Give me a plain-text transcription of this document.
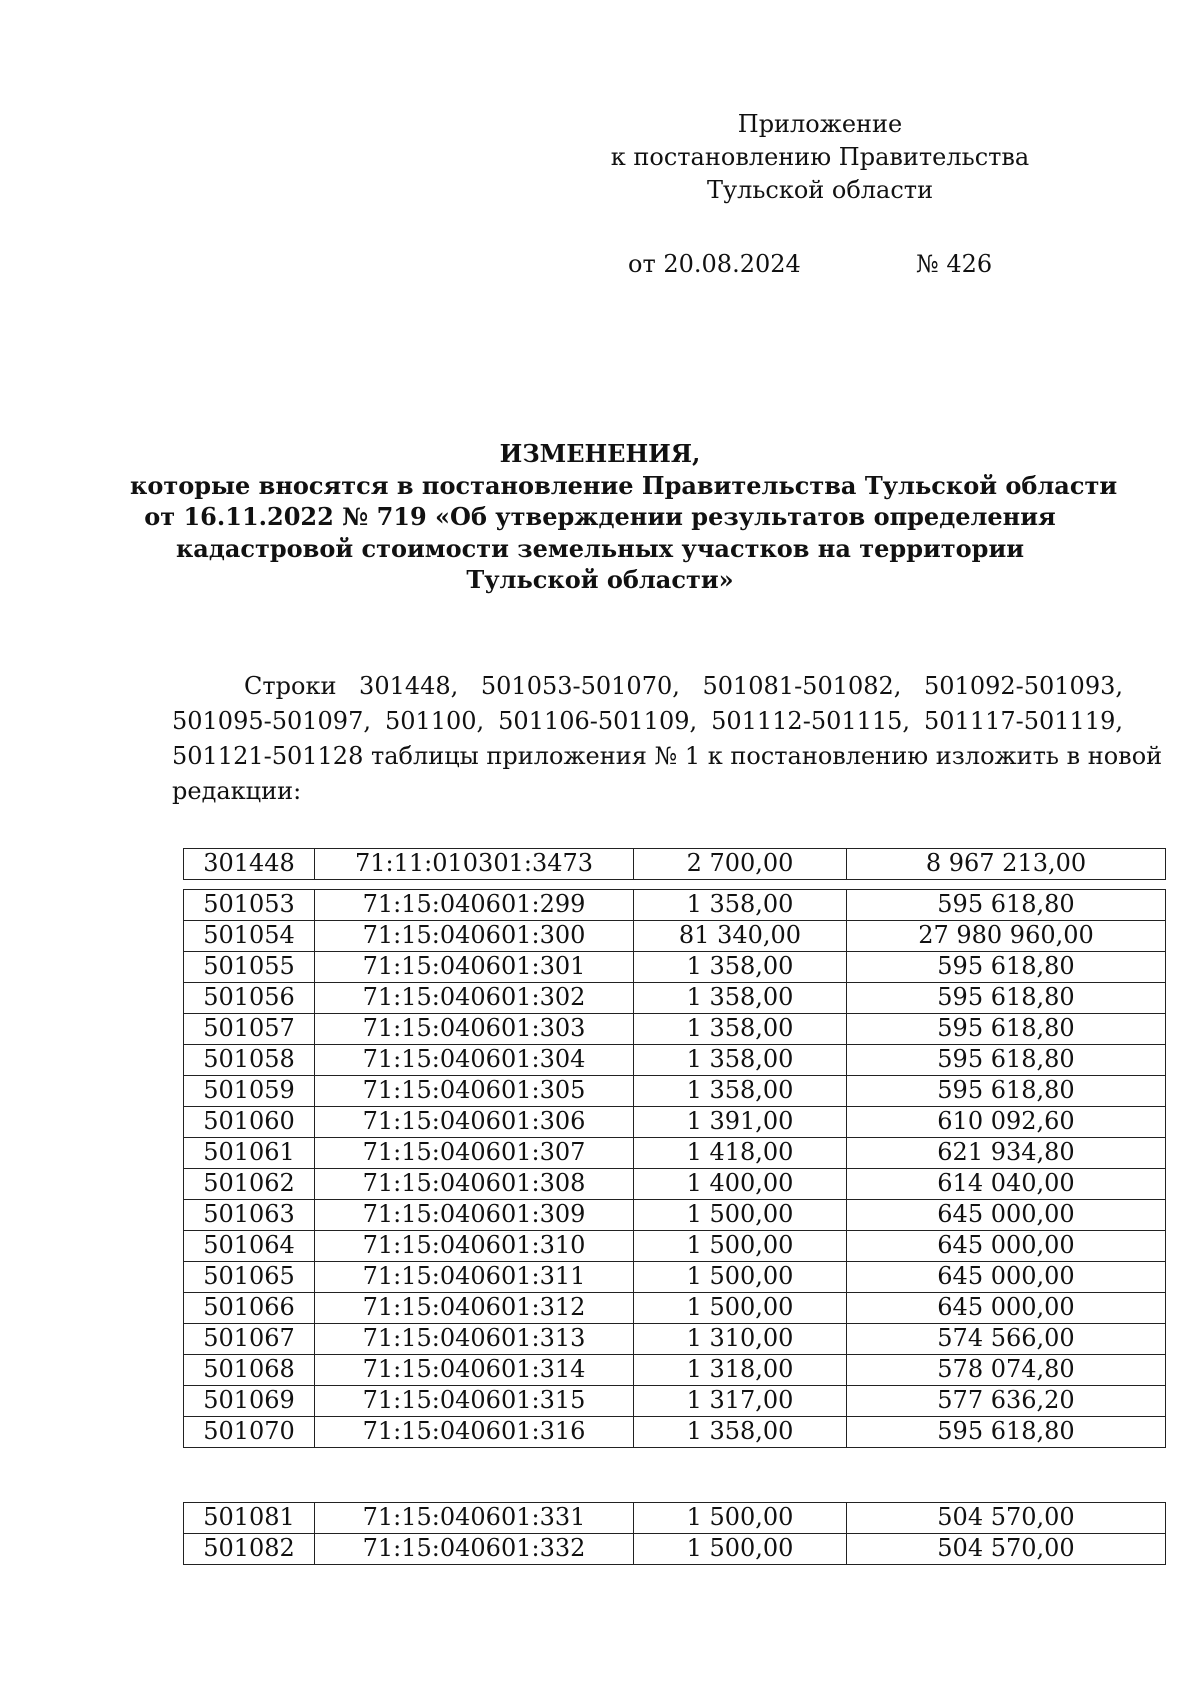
Приложение
к постановлению Правительства
Тульской области
от 20.08.2024	№ 426
ИЗМЕНЕНИЯ,
которые вносятся в постановление Правительства Тульской области
от 16.11.2022 № 719 «Об утверждении результатов определения
кадастровой стоимости земельных участков на территории
Тульской области»
Строки 301448, 501053-501070, 501081-501082, 501092-501093,
501095-501097, 501100, 501106-501109, 501112-501115, 501117-501119,
501121-501128 таблицы приложения № 1 к постановлению изложить в новой
редакции:
301448	71:11:010301:3473	2 700,00	8 967 213,00
501053	71:15:040601:299	1 358,00	595 618,80
501054	71:15:040601:300	81 340,00	27 980 960,00
501055	71:15:040601:301	1 358,00	595 618,80
501056	71:15:040601:302	1 358,00	595 618,80
501057	71:15:040601:303	1 358,00	595 618,80
501058	71:15:040601:304	1 358,00	595 618,80
501059	71:15:040601:305	1 358,00	595 618,80
501060	71:15:040601:306	1 391,00	610 092,60
501061	71:15:040601:307	1 418,00	621 934,80
501062	71:15:040601:308	1 400,00	614 040,00
501063	71:15:040601:309	1 500,00	645 000,00
501064	71:15:040601:310	1 500,00	645 000,00
501065	71:15:040601:311	1 500,00	645 000,00
501066	71:15:040601:312	1 500,00	645 000,00
501067	71:15:040601:313	1 310,00	574 566,00
501068	71:15:040601:314	1 318,00	578 074,80
501069	71:15:040601:315	1 317,00	577 636,20
501070	71:15:040601:316	1 358,00	595 618,80
501081	71:15:040601:331	1 500,00	504 570,00
501082	71:15:040601:332	1 500,00	504 570,00
